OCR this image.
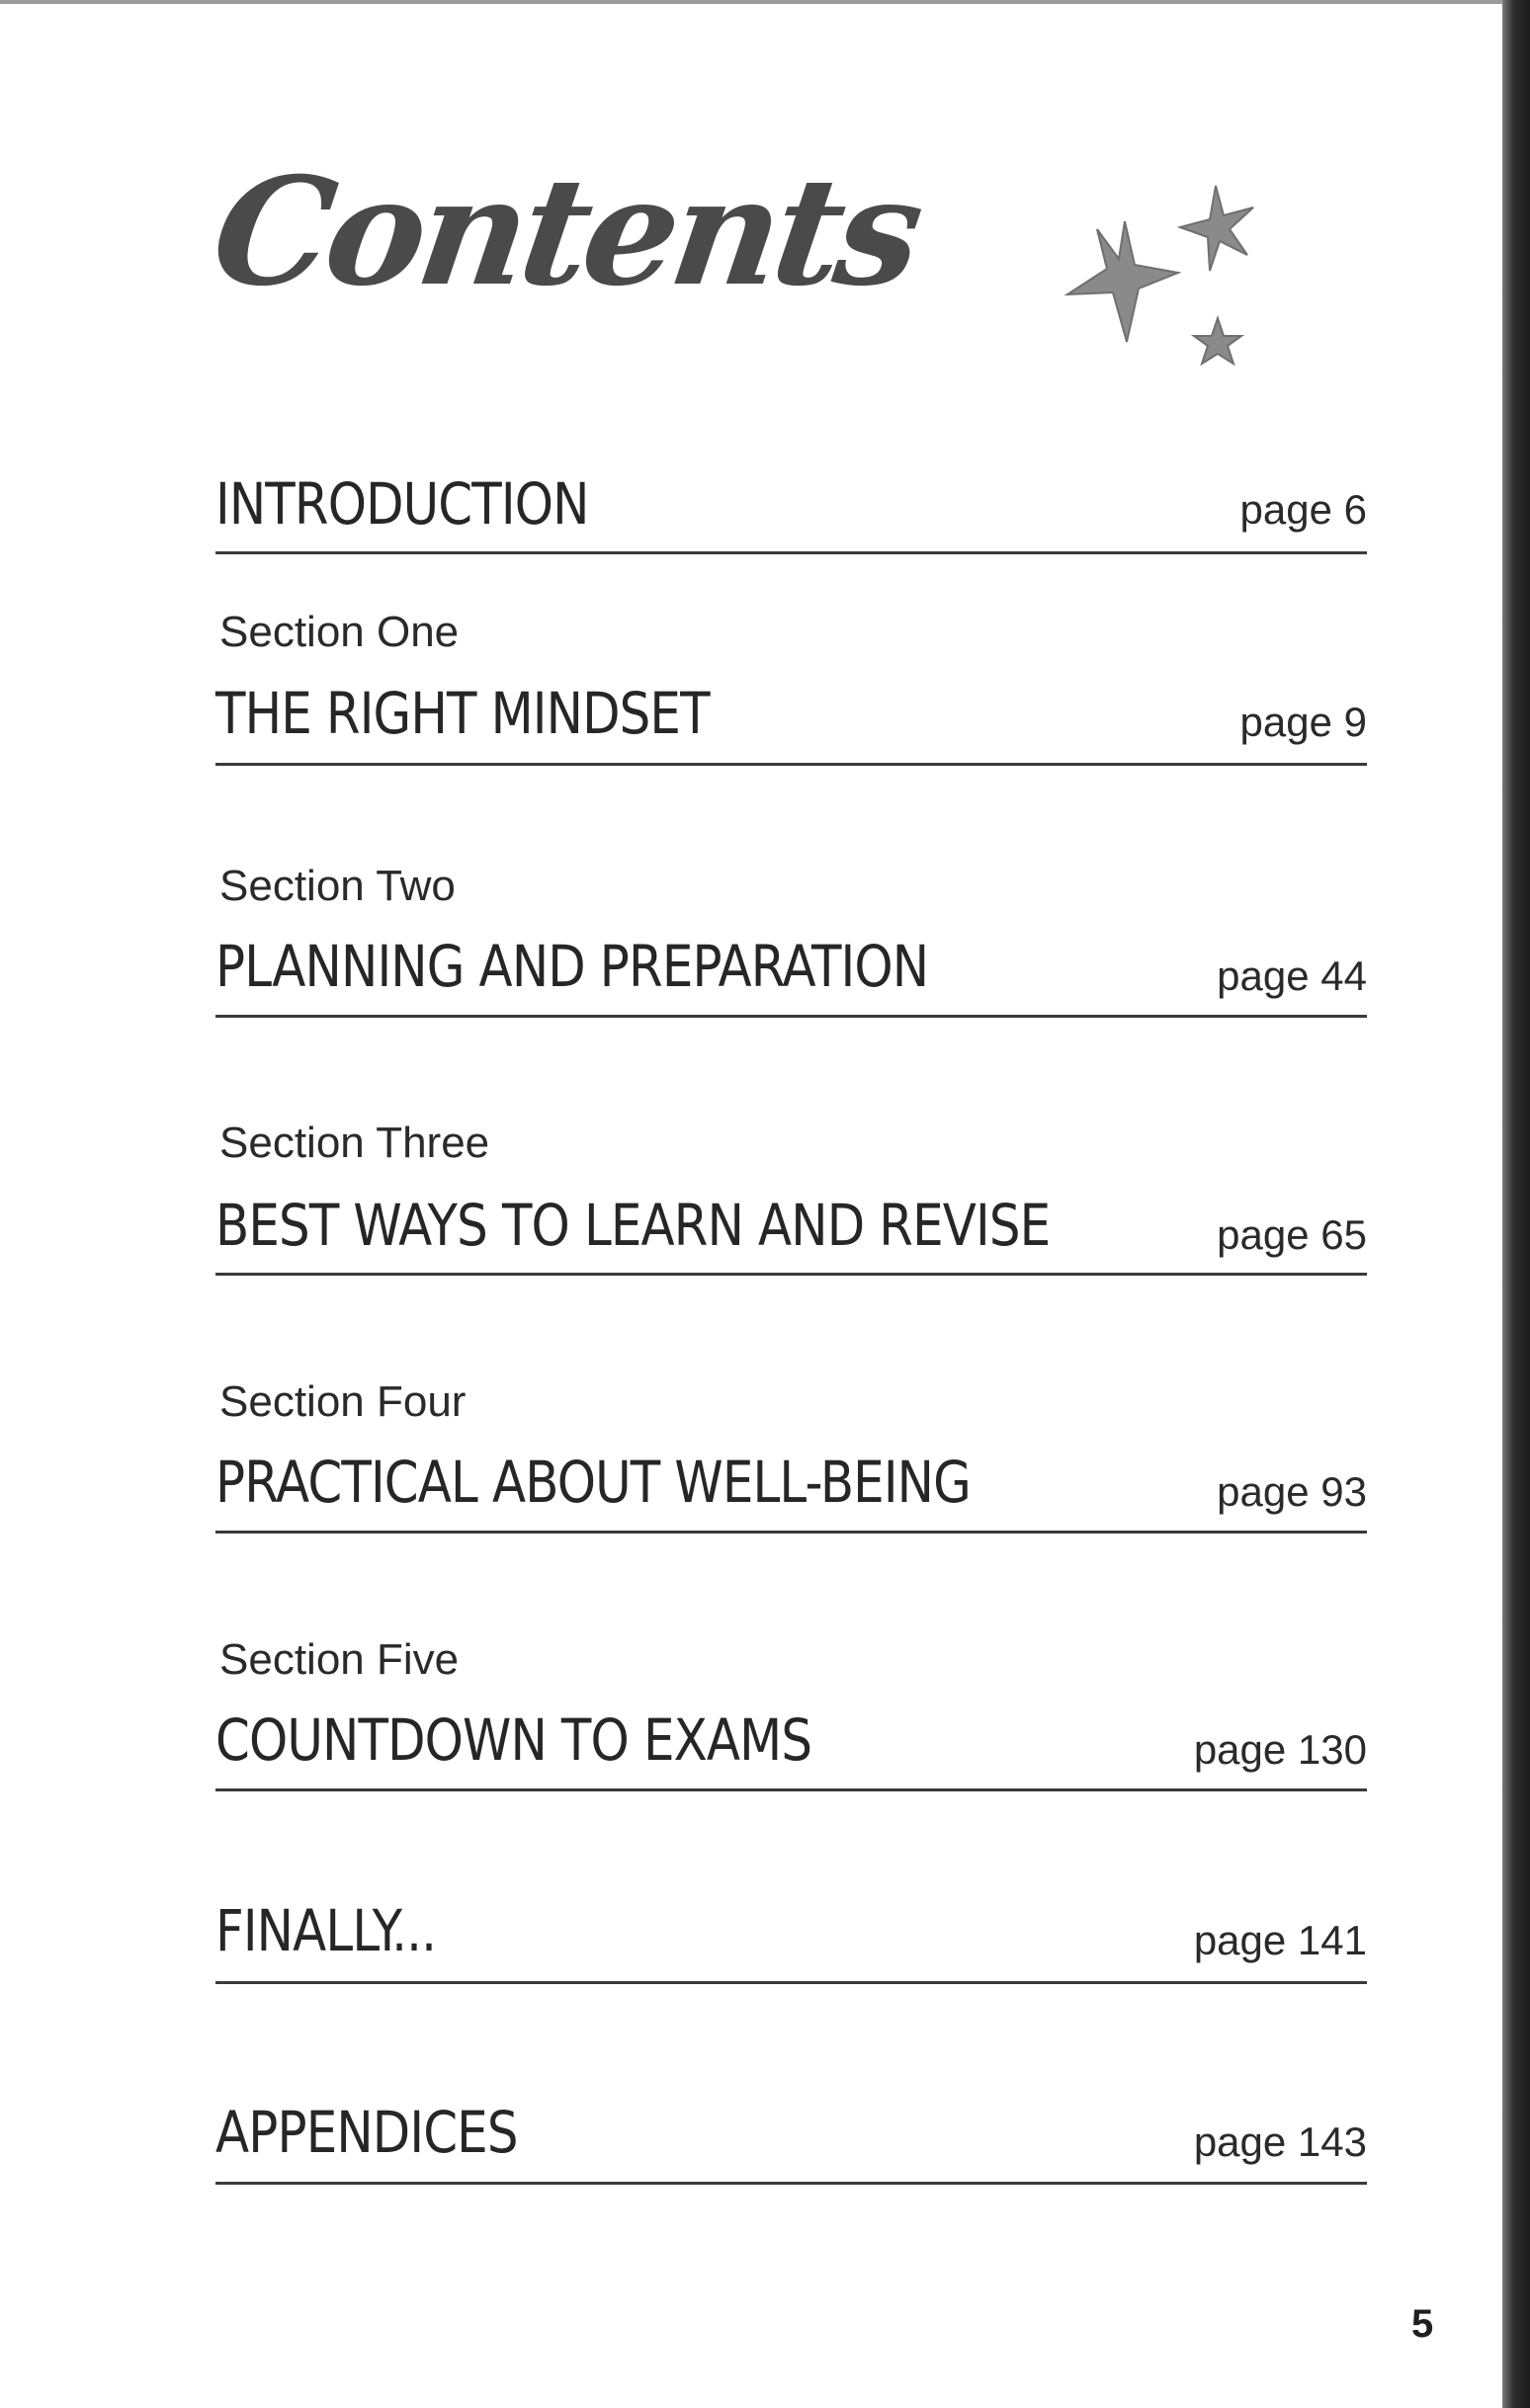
Contents
INTRODUCTION	page 6
Section One
THE RIGHT MINDSET	page 9
Section Two
PLANNING AND PREPARATION	page 44
Section Three
BEST WAYS TO LEARN AND REVISE	page 65
Section Four
PRACTICAL ABOUT WELL-BEING	page 93
Section Five
COUNTDOWN TO EXAMS	page 130
FINALLY...	page 141
APPENDICES	page 143
5
